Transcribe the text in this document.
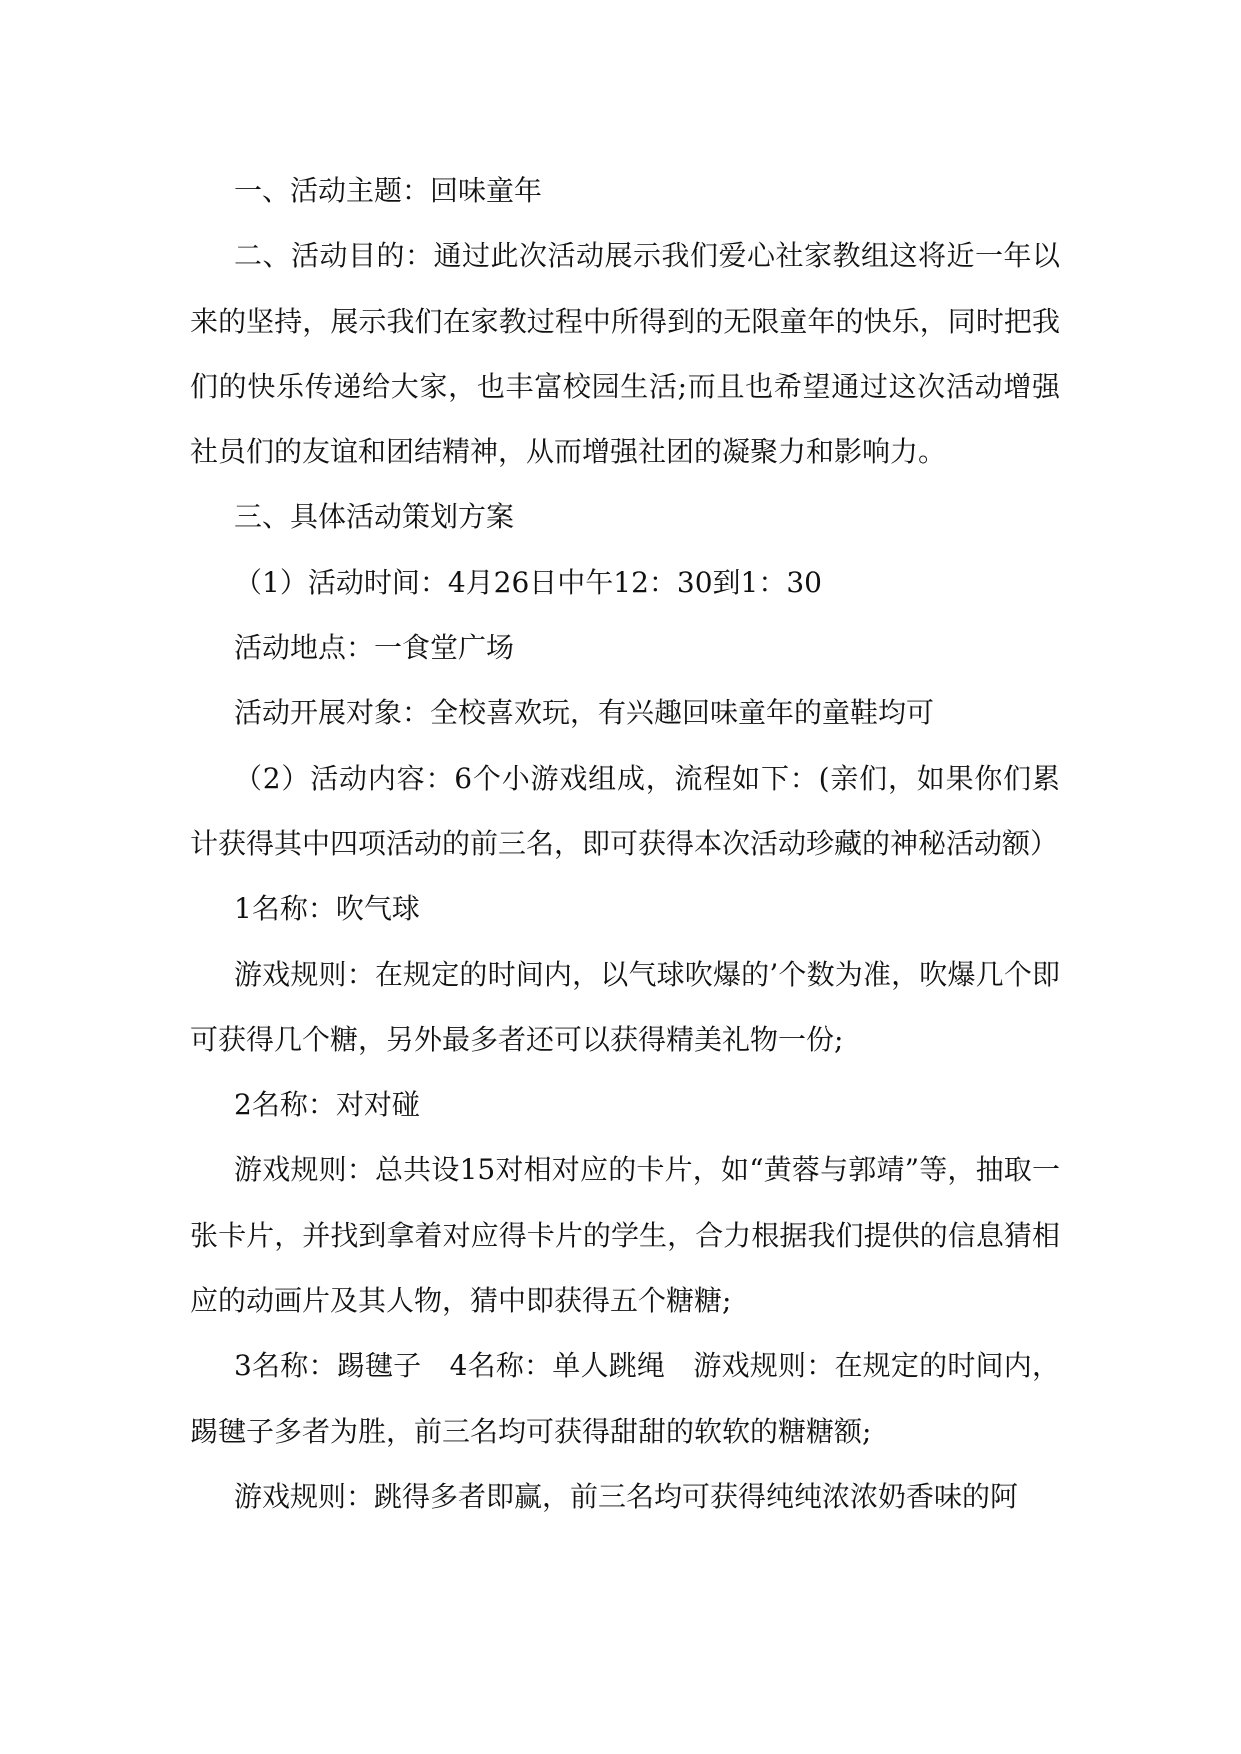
一、活动主题：回味童年

二、活动目的：通过此次活动展示我们爱心社家教组这将近一年以来的坚持，展示我们在家教过程中所得到的无限童年的快乐，同时把我们的快乐传递给大家，也丰富校园生活;而且也希望通过这次活动增强社员们的友谊和团结精神，从而增强社团的凝聚力和影响力。

三、具体活动策划方案

（1）活动时间：4月26日中午12：30到1：30

活动地点：一食堂广场

活动开展对象：全校喜欢玩，有兴趣回味童年的童鞋均可

（2）活动内容：6个小游戏组成，流程如下：(亲们，如果你们累计获得其中四项活动的前三名，即可获得本次活动珍藏的神秘活动额）

1名称：吹气球

游戏规则：在规定的时间内，以气球吹爆的’个数为准，吹爆几个即可获得几个糖，另外最多者还可以获得精美礼物一份;

2名称：对对碰

游戏规则：总共设15对相对应的卡片，如“黄蓉与郭靖”等，抽取一张卡片，并找到拿着对应得卡片的学生，合力根据我们提供的信息猜相应的动画片及其人物，猜中即获得五个糖糖;

3名称：踢毽子　4名称：单人跳绳　游戏规则：在规定的时间内，踢毽子多者为胜，前三名均可获得甜甜的软软的糖糖额;

游戏规则：跳得多者即赢，前三名均可获得纯纯浓浓奶香味的阿
